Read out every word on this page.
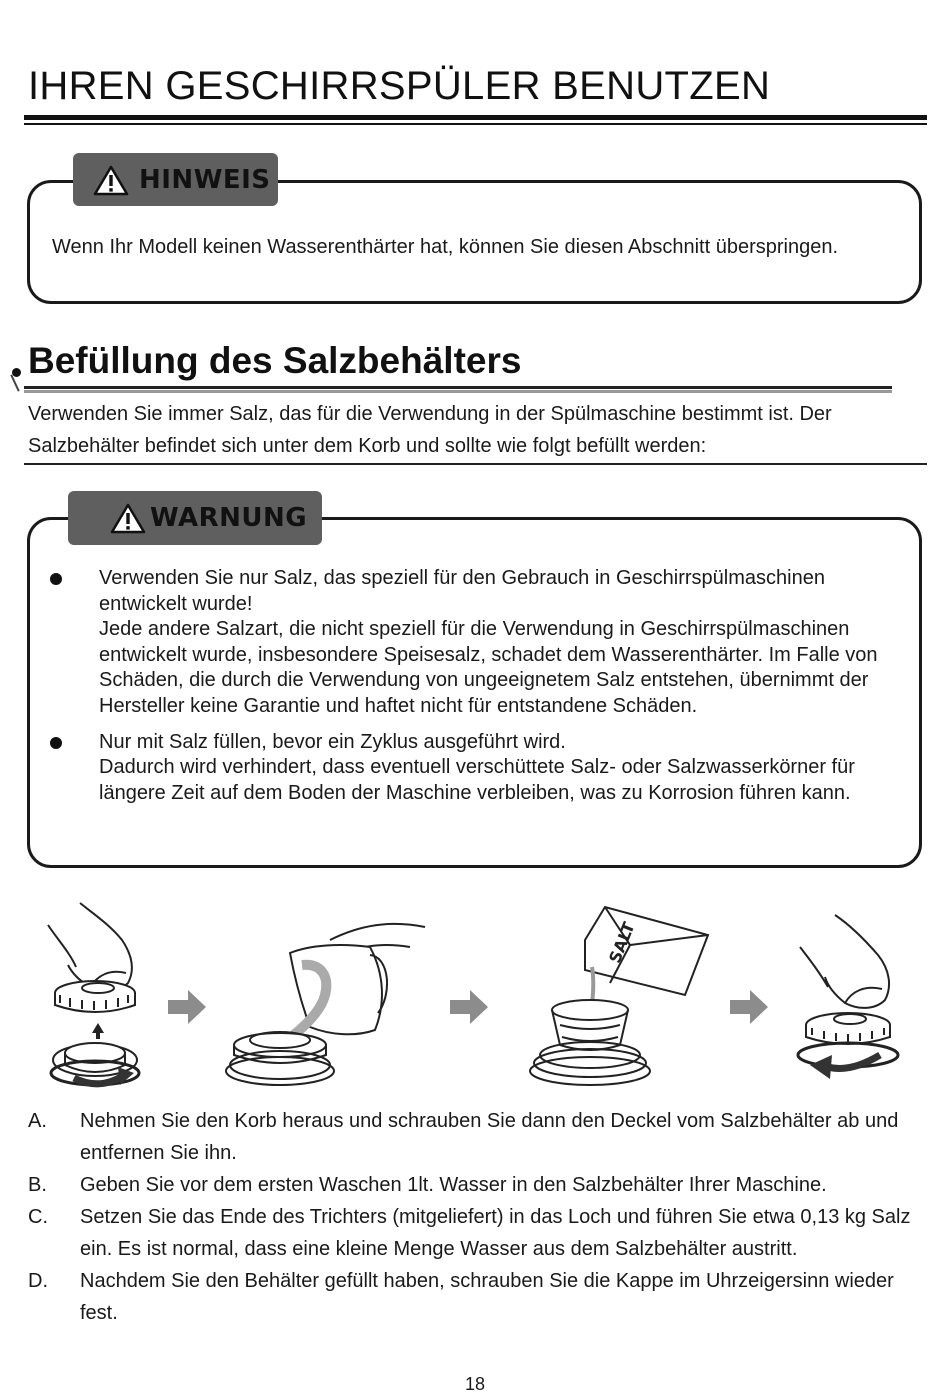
IHREN GESCHIRRSPÜLER BENUTZEN
HINWEIS

Wenn Ihr Modell keinen Wasserenthärter hat, können Sie diesen Abschnitt überspringen.

Befüllung des Salzbehälters

Verwenden Sie immer Salz, das für die Verwendung in der Spülmaschine bestimmt ist. Der Salzbehälter befindet sich unter dem Korb und sollte wie folgt befüllt werden:

WARNUNG

Verwenden Sie nur Salz, das speziell für den Gebrauch in Geschirrspülmaschinen entwickelt wurde!

Jede andere Salzart, die nicht speziell für die Verwendung in Geschirrspülmaschinen entwickelt wurde, insbesondere Speisesalz, schadet dem Wasserenthärter. Im Falle von Schäden, die durch die Verwendung von ungeeignetem Salz entstehen, übernimmt der Hersteller keine Garantie und haftet nicht für entstandene Schäden.

Nur mit Salz füllen, bevor ein Zyklus ausgeführt wird.

Dadurch wird verhindert, dass eventuell verschüttete Salz- oder Salzwasserkörner für längere Zeit auf dem Boden der Maschine verbleiben, was zu Korrosion führen kann.

SALT
A. Nehmen Sie den Korb heraus und schrauben Sie dann den Deckel vom Salzbehälter ab und entfernen Sie ihn.
B. Geben Sie vor dem ersten Waschen 1lt. Wasser in den Salzbehälter Ihrer Maschine.
C. Setzen Sie das Ende des Trichters (mitgeliefert) in das Loch und führen Sie etwa 0,13 kg Salz ein. Es ist normal, dass eine kleine Menge Wasser aus dem Salzbehälter austritt.
D. Nachdem Sie den Behälter gefüllt haben, schrauben Sie die Kappe im Uhrzeigersinn wieder fest.
18
